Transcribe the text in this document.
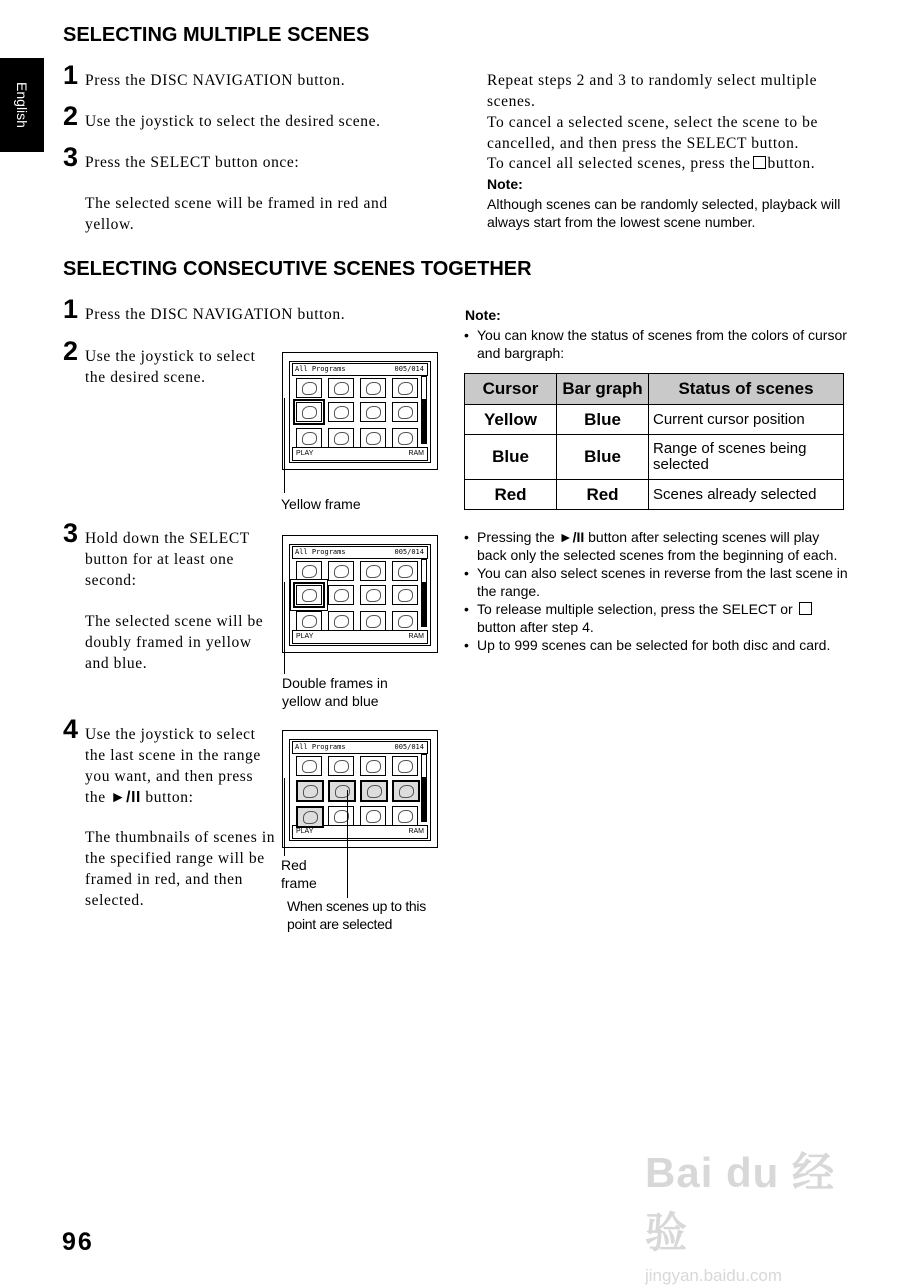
English
SELECTING MULTIPLE SCENES
1 Press the DISC NAVIGATION button.
2 Use the joystick to select the desired scene.
3 Press the SELECT button once:
The selected scene will be framed in red and yellow.
Repeat steps 2 and 3 to randomly select multiple scenes.
To cancel a selected scene, select the scene to be cancelled, and then press the SELECT button.
To cancel all selected scenes, press the button.
Note:
Although scenes can be randomly selected, playback will always start from the lowest scene number.
SELECTING CONSECUTIVE SCENES TOGETHER
1 Press the DISC NAVIGATION button.
2 Use the joystick to select the desired scene.
3 Hold down the SELECT button for at least one second:
The selected scene will be doubly framed in yellow and blue.
4 Use the joystick to select the last scene in the range you want, and then press the ►/II button:
The thumbnails of scenes in the specified range will be framed in red, and then selected.
All Programs	005/014
PLAY	RAM
All Programs	005/014
PLAY	RAM
All Programs	005/014
PLAY	RAM
Yellow frame
Double frames in yellow and blue
Red frame
When scenes up to this point are selected
Note:
• You can know the status of scenes from the colors of cursor and bargraph:
Cursor	Bar graph	Status of scenes
Yellow	Blue	Current cursor position
Blue	Blue	Range of scenes being selected
Red	Red	Scenes already selected
• Pressing the ►/II button after selecting scenes will play back only the selected scenes from the beginning of each.
• You can also select scenes in reverse from the last scene in the range.
• To release multiple selection, press the SELECT or  button after step 4.
• Up to 999 scenes can be selected for both disc and card.
96
Bai du 经验
jingyan.baidu.com
